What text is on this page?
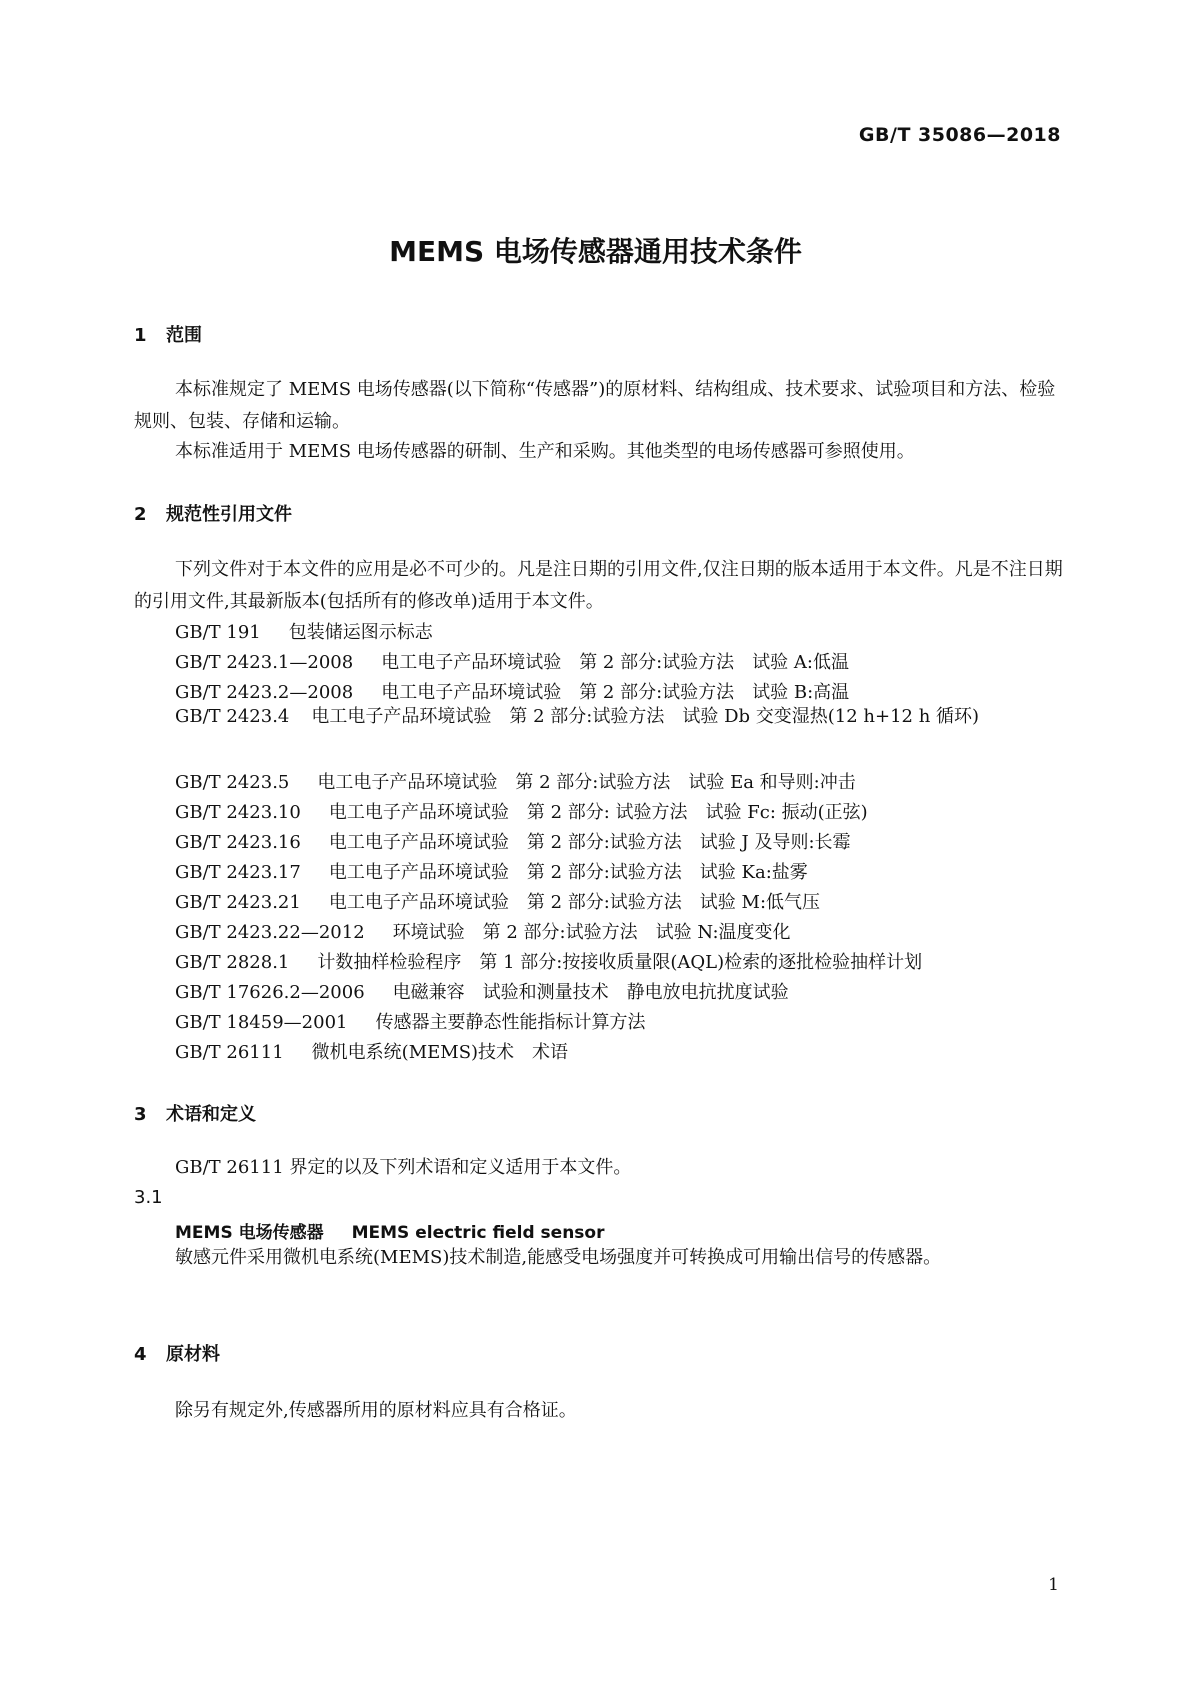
GB/T 35086—2018
MEMS 电场传感器通用技术条件
1 范围
本标准规定了 MEMS 电场传感器(以下简称“传感器”)的原材料、结构组成、技术要求、试验项目和方法、检验规则、包装、存储和运输。
本标准适用于 MEMS 电场传感器的研制、生产和采购。其他类型的电场传感器可参照使用。
2 规范性引用文件
下列文件对于本文件的应用是必不可少的。凡是注日期的引用文件,仅注日期的版本适用于本文件。凡是不注日期的引用文件,其最新版本(包括所有的修改单)适用于本文件。
GB/T 191 包装储运图示标志
GB/T 2423.1—2008 电工电子产品环境试验　第 2 部分:试验方法　试验 A:低温
GB/T 2423.2—2008 电工电子产品环境试验　第 2 部分:试验方法　试验 B:高温
GB/T 2423.4 电工电子产品环境试验　第 2 部分:试验方法　试验 Db 交变湿热(12 h+12 h 循环)
GB/T 2423.5 电工电子产品环境试验　第 2 部分:试验方法　试验 Ea 和导则:冲击
GB/T 2423.10 电工电子产品环境试验　第 2 部分: 试验方法　试验 Fc: 振动(正弦)
GB/T 2423.16 电工电子产品环境试验　第 2 部分:试验方法　试验 J 及导则:长霉
GB/T 2423.17 电工电子产品环境试验　第 2 部分:试验方法　试验 Ka:盐雾
GB/T 2423.21 电工电子产品环境试验　第 2 部分:试验方法　试验 M:低气压
GB/T 2423.22—2012 环境试验　第 2 部分:试验方法　试验 N:温度变化
GB/T 2828.1 计数抽样检验程序　第 1 部分:按接收质量限(AQL)检索的逐批检验抽样计划
GB/T 17626.2—2006 电磁兼容　试验和测量技术　静电放电抗扰度试验
GB/T 18459—2001 传感器主要静态性能指标计算方法
GB/T 26111 微机电系统(MEMS)技术　术语
3 术语和定义
GB/T 26111 界定的以及下列术语和定义适用于本文件。
3.1
MEMS 电场传感器 MEMS electric field sensor
敏感元件采用微机电系统(MEMS)技术制造,能感受电场强度并可转换成可用输出信号的传感器。
4 原材料
除另有规定外,传感器所用的原材料应具有合格证。
1
